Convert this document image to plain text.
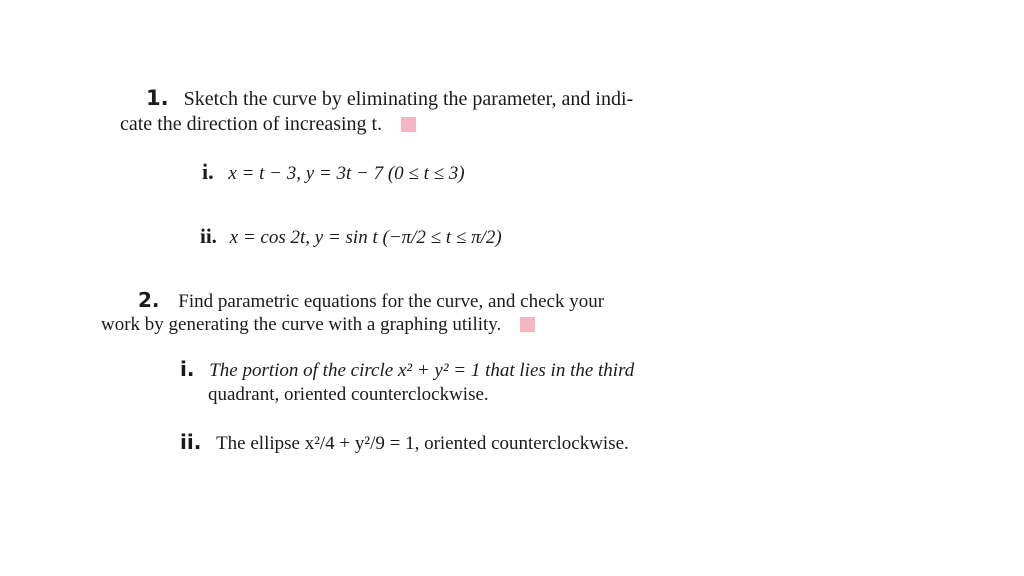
1. Sketch the curve by eliminating the parameter, and indi-
cate the direction of increasing t.
i. x = t − 3, y = 3t − 7 (0 ≤ t ≤ 3)
ii. x = cos 2t, y = sin t (−π/2 ≤ t ≤ π/2)
2. Find parametric equations for the curve, and check your
work by generating the curve with a graphing utility.
i. The portion of the circle x² + y² = 1 that lies in the third
quadrant, oriented counterclockwise.
ii. The ellipse x²/4 + y²/9 = 1, oriented counterclockwise.
